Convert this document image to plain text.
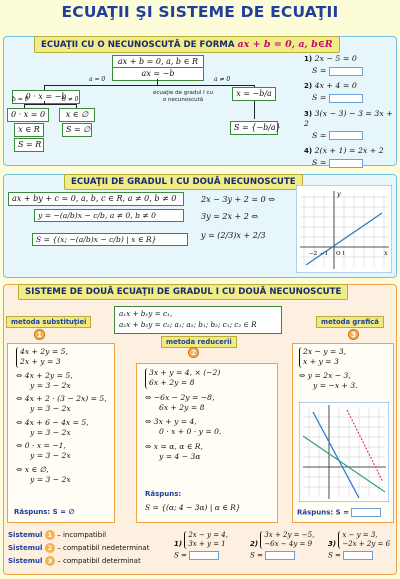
ECUAŢII ŞI SISTEME DE ECUAŢII
ECUAŢII CU O NECUNOSCUTĂ DE FORMA ax + b = 0, a, b∈R
ax + b = 0, a, b ∈ R
ax = −b
a = 0	a ≠ 0
0 · x = −b
b = 0	b ≠ 0
0 · x = 0	x ∈ ∅
x ∈ R	S = ∅
S = R
ecuaţie de gradul I cu o necunoscută
x = −b/a
S = {−b/a}
1) 2x − 5 = 0
S =
2) 4x + 4 = 0
S =
3) 3(x − 3) − 3 = 3x + 2
S =
4) 2(x + 1) = 2x + 2
S =
ECUAŢII DE GRADUL I CU DOUĂ NECUNOSCUTE
ax + by + c = 0, a, b, c ∈ R, a ≠ 0, b ≠ 0
y = −(a/b)x − c/b, a ≠ 0, b ≠ 0
S = {(x; −(a/b)x − c/b) | x ∈ R}
2x − 3y + 2 = 0 ⇔
3y = 2x + 2 ⇔
y = (2/3)x + 2/3
y
x
O 1
−1
−2
SISTEME DE DOUĂ ECUAŢII DE GRADUL I CU DOUĂ NECUNOSCUTE
a₁x + b₁y = c₁,
a₂x + b₂y = c₂; a₁; a₂; b₁; b₂; c₁; c₂ ∈ R
metoda substituţiei
metoda reducerii
metoda grafică
1
2
3
4x + 2y = 5,
2x + y = 3
⇔ 4x + 2y = 5,
y = 3 − 2x
⇔ 4x + 2 · (3 − 2x) = 5,
y = 3 − 2x
⇔ 4x + 6 − 4x = 5,
y = 3 − 2x
⇔ 0 · x = −1,
y = 3 − 2x
⇔ x ∈ ∅,
y = 3 − 2x
Răspuns: S = ∅
3x + y = 4, × (−2)
6x + 2y = 8
⇔ −6x − 2y = −8,
6x + 2y = 8
⇔ 3x + y = 4,
0 · x + 0 · y = 0.
⇔ x = α, α ∈ R,
y = 4 − 3α
Răspuns:
S = {(α; 4 − 3α) | α ∈ R}
2x − y = 3,
x + y = 3
⇔ y = 2x − 3,
y = −x + 3.
Răspuns: S =
Sistemul 1 – incompatibil
Sistemul 2 – compatibil nedeterminat
Sistemul 3 – compatibil determinat
1)
2x − y = 4,
3x + y = 1
S =
2)
3x + 2y = −5,
−6x − 4y = 9
S =
3)
x − y = 3,
−2x + 2y = 6
S =
